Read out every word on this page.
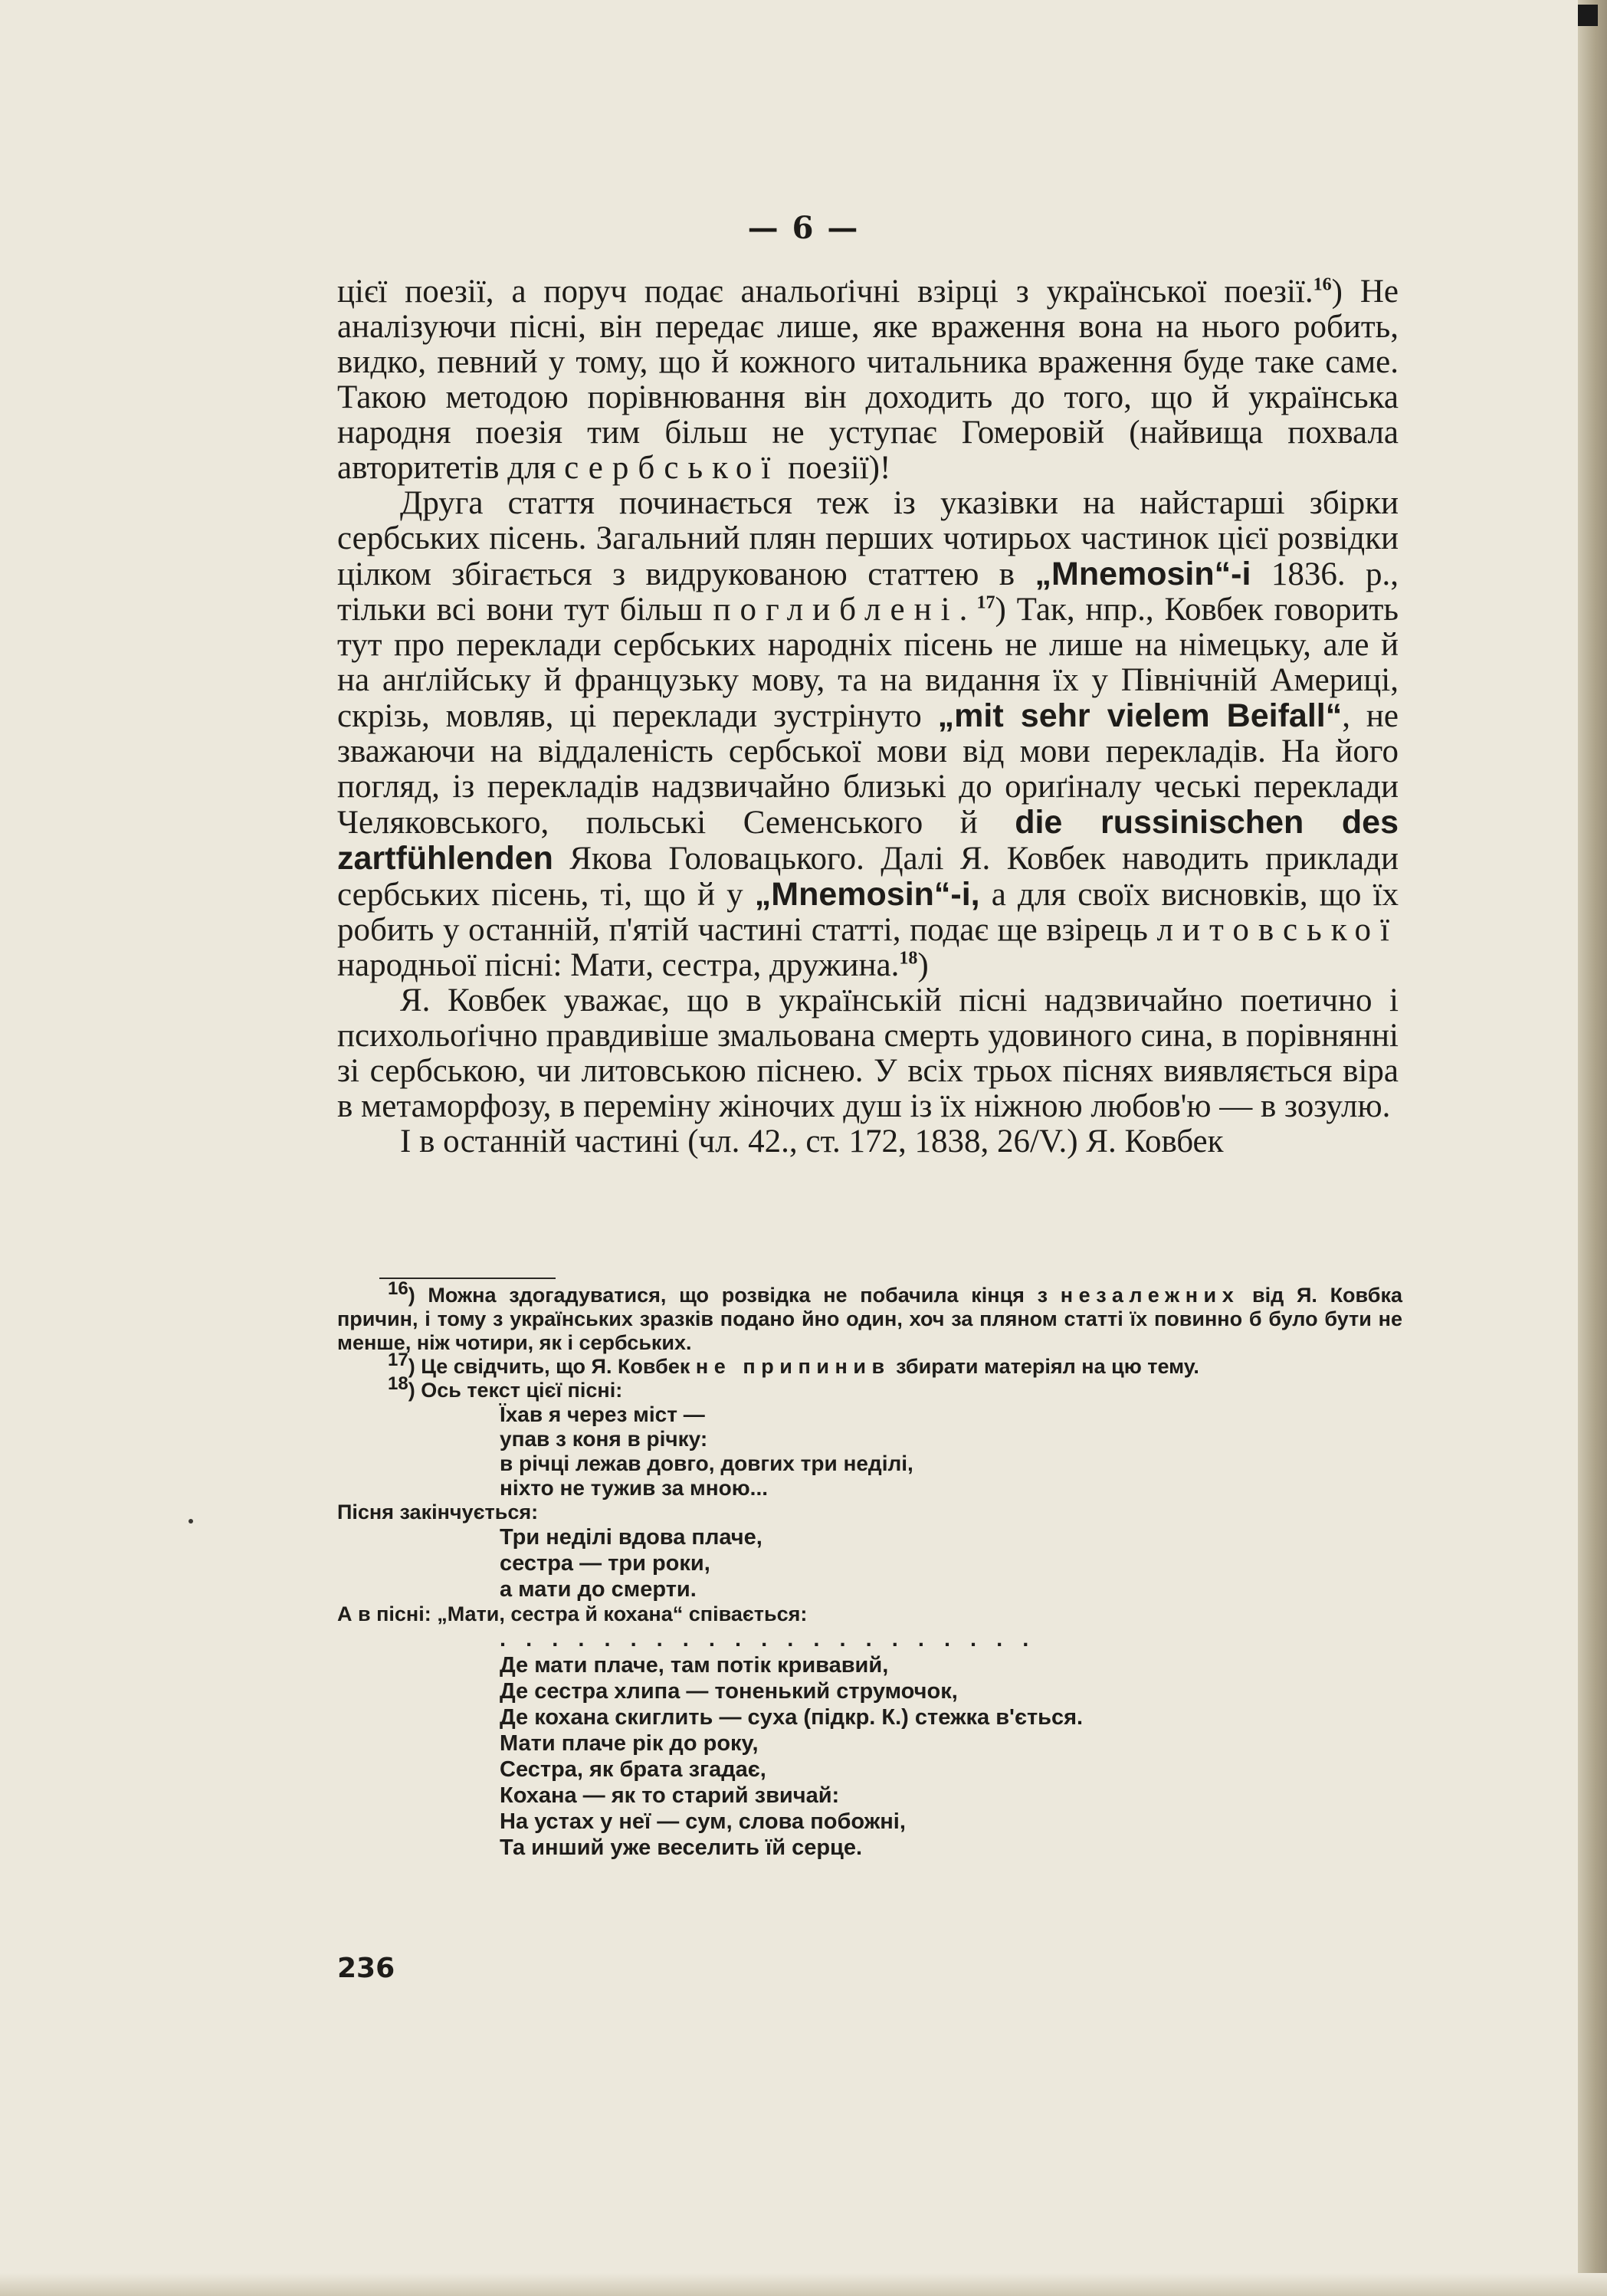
— 6 —

цієї поезії, а поруч подає анальоґічні взірці з української поезії.$^{16}$) Не аналізуючи пісні, він передає лише, яке враження вона на нього робить, видко, певний у тому, що й кожного читальника враження буде таке саме. Такою методою порівнювання він доходить до того, що й українська народня поезія тим більш не уступає Гомеровій (найвища похвала авторитетів для сербської поезії)!

Друга стаття починається теж із указівки на найстарші збірки сербських пісень. Загальний плян перших чотирьох частинок цієї розвідки цілком збігається з видрукованою статтею в „Mnemosin“-i 1836. р., тільки всі вони тут більш поглиблені.$^{17}$) Так, нпр., Ковбек говорить тут про переклади сербських народніх пісень не лише на німецьку, але й на анґлійську й французьку мову, та на видання їх у Північній Америці, скрізь, мовляв, ці переклади зустрінуто „mit sehr vielem Beifall“, не зважаючи на віддаленість сербської мови від мови перекладів. На його погляд, із перекладів надзвичайно близькі до ориґіналу чеські переклади Челяковського, польські Семенського й die russinischen des zartfühlenden Якова Головацького. Далі Я. Ковбек наводить приклади сербських пісень, ті, що й у „Mnemosin“-i, а для своїх висновків, що їх робить у останній, п'ятій частині статті, подає ще взірець литовської народньої пісні: Мати, сестра, дружина.$^{18}$)

Я. Ковбек уважає, що в українській пісні надзвичайно поетично і психольоґічно правдивіше змальована смерть удовиного сина, в порівнянні зі сербською, чи литовською піснею. У всіх трьох піснях виявляється віра в метаморфозу, в переміну жіночих душ із їх ніжною любов'ю — в зозулю.

І в останній частині (чл. 42., ст. 172, 1838, 26/V.) Я. Ковбек

$^{16}$) Можна здогадуватися, що розвідка не побачила кінця з незалежних від Я. Ковбка причин, і тому з українських зразків подано йно один, хоч за пляном статті їх повинно б було бути не менше, ніж чотири, як і сербських.

$^{17}$) Це свідчить, що Я. Ковбек не припинив збирати матеріял на цю тему.

$^{18}$) Ось текст цієї пісні:

Їхав я через міст —
упав з коня в річку:
в річці лежав довго, довгих три неділі,
ніхто не тужив за мною...

Пісня закінчується:

Три неділі вдова плаче,
сестра — три роки,
а мати до смерти.

А в пісні: „Мати, сестра й кохана“ співається:

. . . . . . . . . . . . . . . . . . . . .
Де мати плаче, там потік кривавий,
Де сестра хлипа — тоненький струмочок,
Де кохана скиглить — суха (підкр. К.) стежка в'ється.
Мати плаче рік до року,
Сестра, як брата згадає,
Кохана — як то старий звичай:
На устах у неї — сум, слова побожні,
Та инший уже веселить їй серце.
236
